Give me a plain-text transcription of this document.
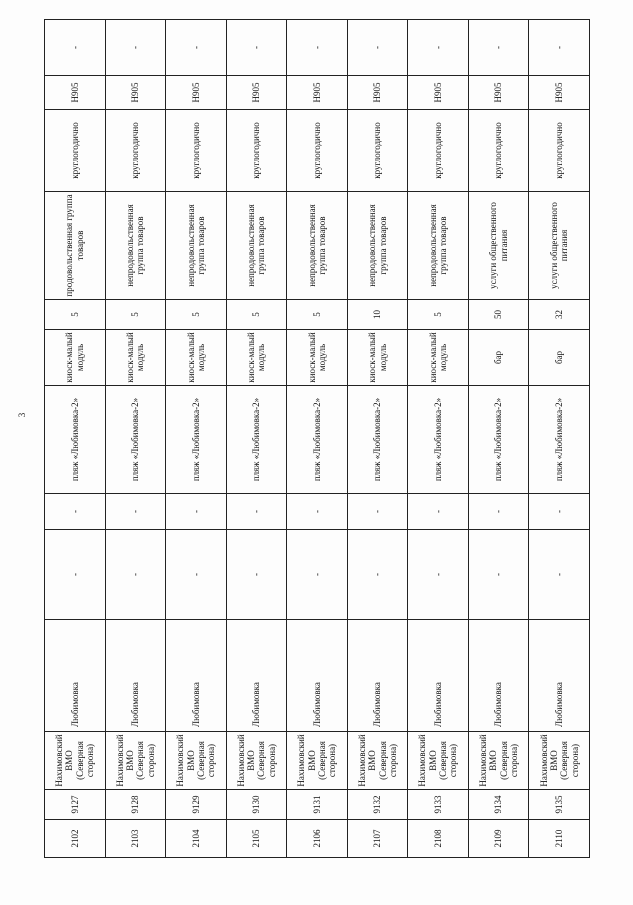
3
2102	9127	Нахимовский ВМО (Северная сторона)	Любимовка	-	-	пляж «Любимовка-2»	киоск-малый модуль	5	продовольственная группа товаров	круглогодично	Н905	-
2103	9128	Нахимовский ВМО (Северная сторона)	Любимовка	-	-	пляж «Любимовка-2»	киоск-малый модуль	5	непродовольственная группа товаров	круглогодично	Н905	-
2104	9129	Нахимовский ВМО (Северная сторона)	Любимовка	-	-	пляж «Любимовка-2»	киоск-малый модуль	5	непродовольственная группа товаров	круглогодично	Н905	-
2105	9130	Нахимовский ВМО (Северная сторона)	Любимовка	-	-	пляж «Любимовка-2»	киоск-малый модуль	5	непродовольственная группа товаров	круглогодично	Н905	-
2106	9131	Нахимовский ВМО (Северная сторона)	Любимовка	-	-	пляж «Любимовка-2»	киоск-малый модуль	5	непродовольственная группа товаров	круглогодично	Н905	-
2107	9132	Нахимовский ВМО (Северная сторона)	Любимовка	-	-	пляж «Любимовка-2»	киоск-малый модуль	10	непродовольственная группа товаров	круглогодично	Н905	-
2108	9133	Нахимовский ВМО (Северная сторона)	Любимовка	-	-	пляж «Любимовка-2»	киоск-малый модуль	5	непродовольственная группа товаров	круглогодично	Н905	-
2109	9134	Нахимовский ВМО (Северная сторона)	Любимовка	-	-	пляж «Любимовка-2»	бар	50	услуги общественного питания	круглогодично	Н905	-
2110	9135	Нахимовский ВМО (Северная сторона)	Любимовка	-	-	пляж «Любимовка-2»	бар	32	услуги общественного питания	круглогодично	Н905	-
